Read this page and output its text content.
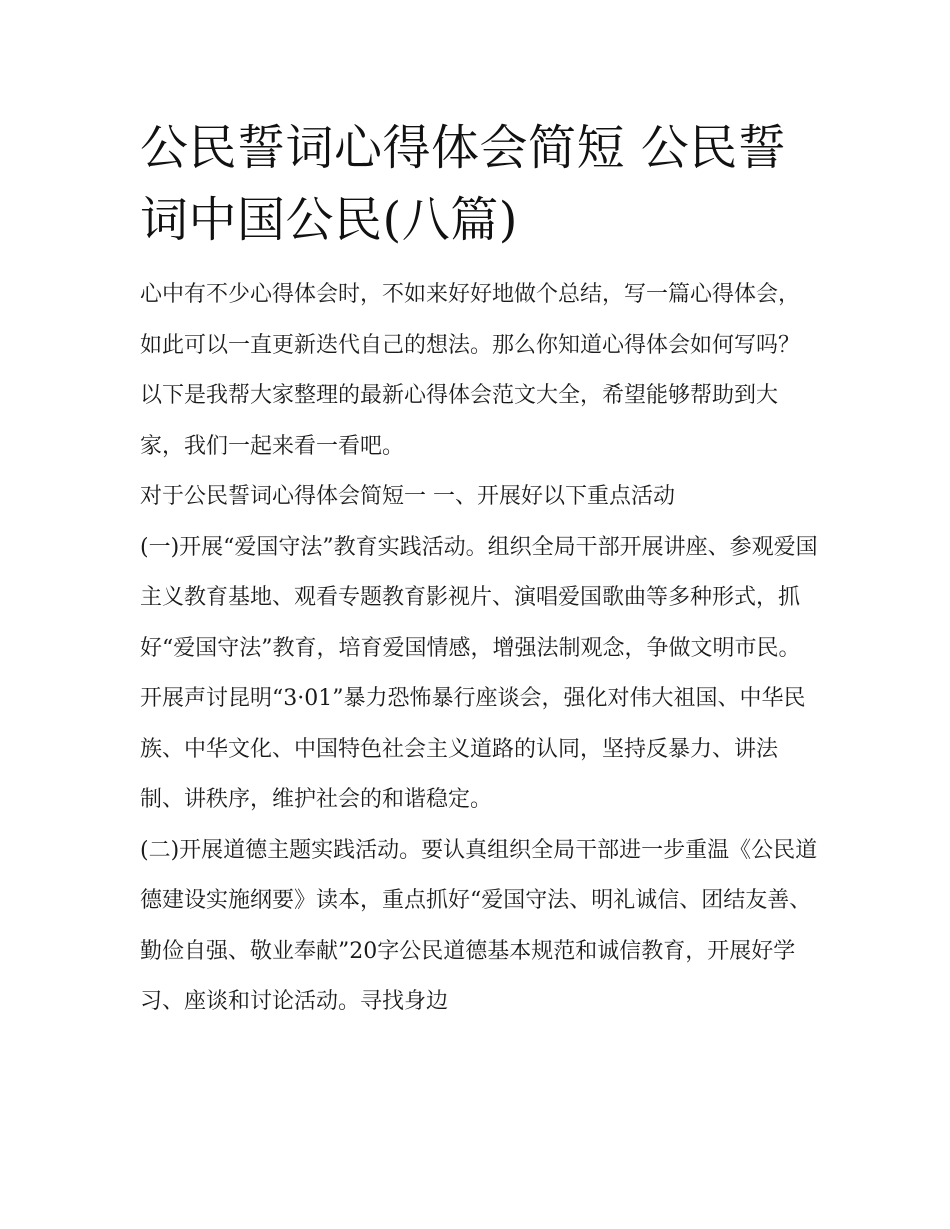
公民誓词心得体会简短 公民誓词中国公民(八篇)

心中有不少心得体会时，不如来好好地做个总结，写一篇心得体会，如此可以一直更新迭代自己的想法。那么你知道心得体会如何写吗？以下是我帮大家整理的最新心得体会范文大全，希望能够帮助到大家，我们一起来看一看吧。

对于公民誓词心得体会简短一 一、开展好以下重点活动

(一)开展“爱国守法”教育实践活动。组织全局干部开展讲座、参观爱国主义教育基地、观看专题教育影视片、演唱爱国歌曲等多种形式，抓好“爱国守法”教育，培育爱国情感，增强法制观念，争做文明市民。开展声讨昆明“3·01”暴力恐怖暴行座谈会，强化对伟大祖国、中华民族、中华文化、中国特色社会主义道路的认同，坚持反暴力、讲法制、讲秩序，维护社会的和谐稳定。

(二)开展道德主题实践活动。要认真组织全局干部进一步重温《公民道德建设实施纲要》读本，重点抓好“爱国守法、明礼诚信、团结友善、勤俭自强、敬业奉献”20字公民道德基本规范和诚信教育，开展好学习、座谈和讨论活动。寻找身边
